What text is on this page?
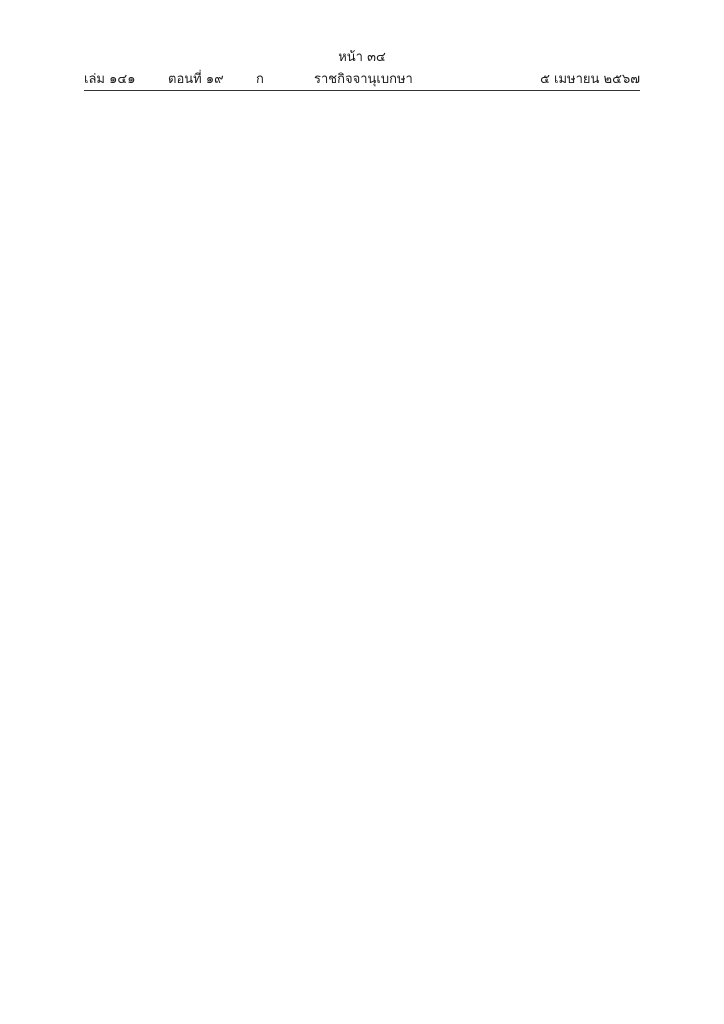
หน้า ๓๔
เล่ม ๑๔๑	ตอนที่ ๑๙ ก	ราชกิจจานุเบกษา	๕ เมษายน ๒๕๖๗
